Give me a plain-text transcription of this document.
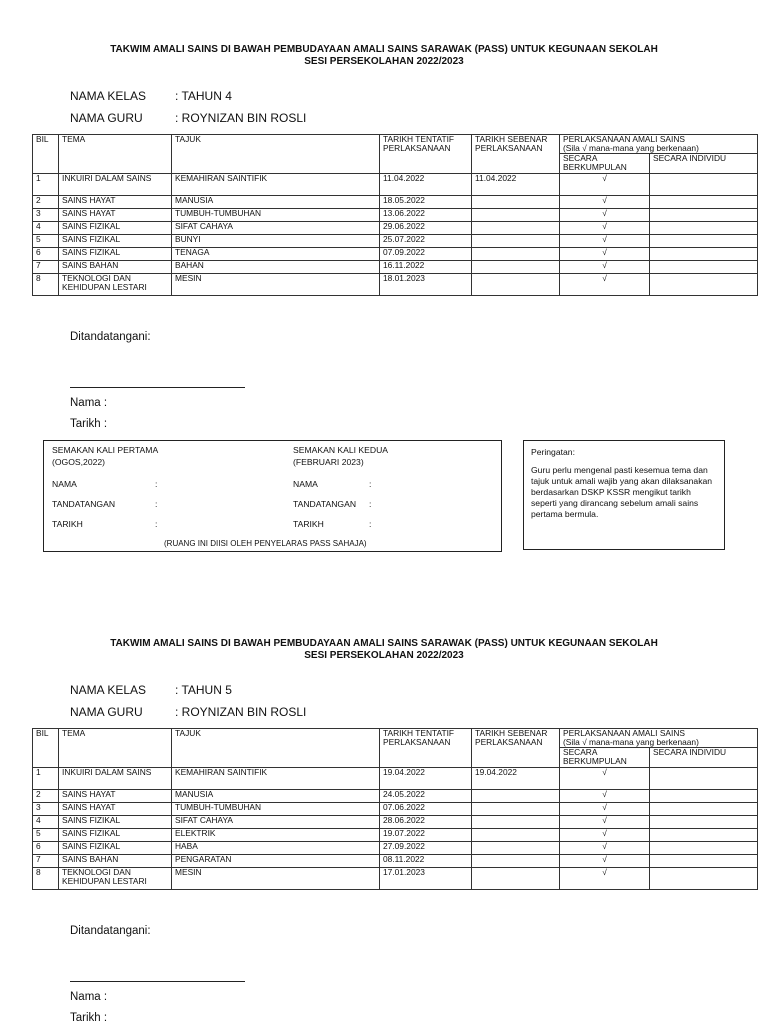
TAKWIM AMALI SAINS DI BAWAH PEMBUDAYAAN AMALI SAINS SARAWAK (PASS) UNTUK KEGUNAAN SEKOLAH
SESI PERSEKOLAHAN 2022/2023
NAMA KELAS : TAHUN 4
NAMA GURU	: ROYNIZAN BIN ROSLI
BIL	TEMA	TAJUK	TARIKH TENTATIF PERLAKSANAAN	TARIKH SEBENAR PERLAKSANAAN	PERLAKSANAAN AMALI SAINS
(Sila √ mana-mana yang berkenaan)	

					SECARA BERKUMPULAN	SECARA INDIVIDU
1	INKUIRI DALAM SAINS	KEMAHIRAN SAINTIFIK	11.04.2022	11.04.2022	√	
2	SAINS HAYAT	MANUSIA	18.05.2022		√	
3	SAINS HAYAT	TUMBUH-TUMBUHAN	13.06.2022		√	
4	SAINS FIZIKAL	SIFAT CAHAYA	29.06.2022		√	
5	SAINS FIZIKAL	BUNYI	25.07.2022		√	
6	SAINS FIZIKAL	TENAGA	07.09.2022		√	
7	SAINS BAHAN	BAHAN	16.11.2022		√	
8	TEKNOLOGI DAN KEHIDUPAN LESTARI	MESIN	18.01.2023		√	
Ditandatangani:
Nama :
Tarikh :
SEMAKAN KALI PERTAMA
(OGOS,2022)
SEMAKAN KALI KEDUA
(FEBRUARI 2023)
NAMA	:
TANDATANGAN	:
TARIKH	:
NAMA	:
TANDATANGAN :
TARIKH	:
(RUANG INI DIISI OLEH PENYELARAS PASS SAHAJA)
Peringatan:
Guru perlu mengenal pasti kesemua tema dan tajuk untuk amali wajib yang akan dilaksanakan berdasarkan DSKP KSSR mengikut tarikh seperti yang dirancang sebelum amali sains pertama bermula.
TAKWIM AMALI SAINS DI BAWAH PEMBUDAYAAN AMALI SAINS SARAWAK (PASS) UNTUK KEGUNAAN SEKOLAH
SESI PERSEKOLAHAN 2022/2023
NAMA KELAS : TAHUN 5
NAMA GURU	: ROYNIZAN BIN ROSLI
BIL	TEMA	TAJUK	TARIKH TENTATIF PERLAKSANAAN	TARIKH SEBENAR PERLAKSANAAN	PERLAKSANAAN AMALI SAINS
(Sila √ mana-mana yang berkenaan)	

					SECARA BERKUMPULAN	SECARA INDIVIDU
1	INKUIRI DALAM SAINS	KEMAHIRAN SAINTIFIK	19.04.2022	19.04.2022	√	
2	SAINS HAYAT	MANUSIA	24.05.2022		√	
3	SAINS HAYAT	TUMBUH-TUMBUHAN	07.06.2022		√	
4	SAINS FIZIKAL	SIFAT CAHAYA	28.06.2022		√	
5	SAINS FIZIKAL	ELEKTRIK	19.07.2022		√	
6	SAINS FIZIKAL	HABA	27.09.2022		√	
7	SAINS BAHAN	PENGARATAN	08.11.2022		√	
8	TEKNOLOGI DAN KEHIDUPAN LESTARI	MESIN	17.01.2023		√	
Ditandatangani:
Nama :
Tarikh :
